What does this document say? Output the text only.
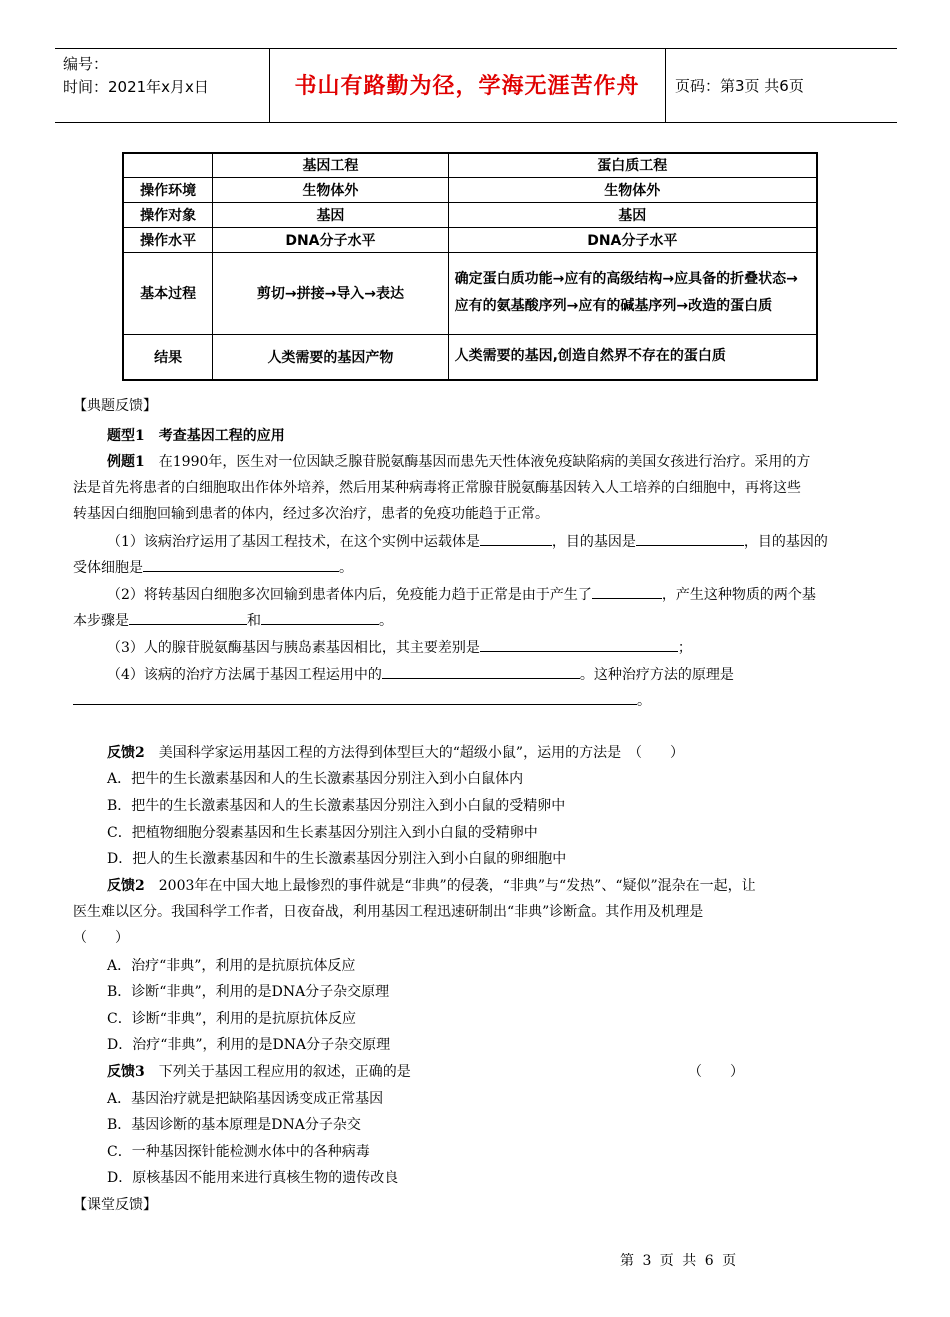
编号：
时间：2021年x月x日	书山有路勤为径，学海无涯苦作舟	页码：第3页 共6页
	基因工程	蛋白质工程
操作环境	生物体外	生物体外
操作对象	基因	基因
操作水平	DNA分子水平	DNA分子水平
基本过程	剪切→拼接→导入→表达	确定蛋白质功能→应有的高级结构→应具备的折叠状态→应有的氨基酸序列→应有的碱基序列→改造的蛋白质
结果	人类需要的基因产物	人类需要的基因,创造自然界不存在的蛋白质
【典题反馈】
题型1　考查基因工程的应用
例题1　 在1990年，医生对一位因缺乏腺苷脱氨酶基因而患先天性体液免疫缺陷病的美国女孩进行治疗。采用的方
法是首先将患者的白细胞取出作体外培养，然后用某种病毒将正常腺苷脱氨酶基因转入人工培养的白细胞中，再将这些
转基因白细胞回输到患者的体内，经过多次治疗，患者的免疫功能趋于正常。
（1）该病治疗运用了基因工程技术，在这个实例中运载体是	，目的基因是	，目的基因的
受体细胞是	。
（2）将转基因白细胞多次回输到患者体内后，免疫能力趋于正常是由于产生了	，产生这种物质的两个基
本步骤是	和	。
（3）人的腺苷脱氨酶基因与胰岛素基因相比，其主要差别是	；
（4）该病的治疗方法属于基因工程运用中的	。这种治疗方法的原理是
。
反馈2　 美国科学家运用基因工程的方法得到体型巨大的“超级小鼠”，运用的方法是　（　　）
A．把牛的生长激素基因和人的生长激素基因分别注入到小白鼠体内
B．把牛的生长激素基因和人的生长激素基因分别注入到小白鼠的受精卵中
C．把植物细胞分裂素基因和生长素基因分别注入到小白鼠的受精卵中
D．把人的生长激素基因和牛的生长激素基因分别注入到小白鼠的卵细胞中
反馈2　 2003年在中国大地上最惨烈的事件就是“非典”的侵袭，“非典”与“发热”、“疑似”混杂在一起，让
医生难以区分。我国科学工作者，日夜奋战，利用基因工程迅速研制出“非典”诊断盒。其作用及机理是
（　　）
A．治疗“非典”，利用的是抗原抗体反应
B．诊断“非典”，利用的是DNA分子杂交原理
C．诊断“非典”，利用的是抗原抗体反应
D．治疗“非典”，利用的是DNA分子杂交原理
反馈3　 下列关于基因工程应用的叙述，正确的是	（　　）
A．基因治疗就是把缺陷基因诱变成正常基因
B．基因诊断的基本原理是DNA分子杂交
C．一种基因探针能检测水体中的各种病毒
D．原核基因不能用来进行真核生物的遗传改良
【课堂反馈】
第 3 页 共 6 页
